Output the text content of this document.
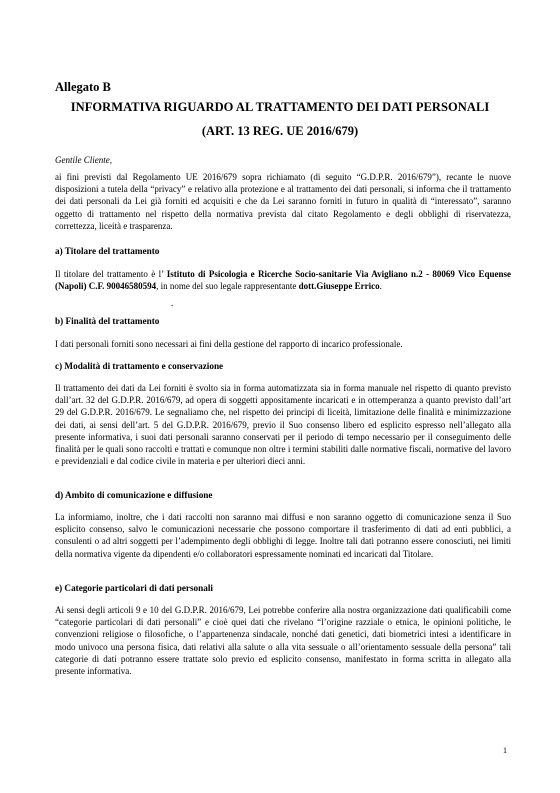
Allegato B
INFORMATIVA RIGUARDO AL TRATTAMENTO DEI DATI PERSONALI
(ART. 13 REG. UE 2016/679)
Gentile Cliente,
ai fini previsti dal Regolamento UE 2016/679 sopra richiamato (di seguito “G.D.P.R. 2016/679”), recante le nuove disposizioni a tutela della “privacy” e relativo alla protezione e al trattamento dei dati personali, si informa che il trattamento dei dati personali da Lei già forniti ed acquisiti e che da Lei saranno forniti in futuro in qualità di “interessato”, saranno oggetto di trattamento nel rispetto della normativa prevista dal citato Regolamento e degli obblighi di riservatezza, correttezza, liceità e trasparenza.
a) Titolare del trattamento
Il titolare del trattamento è l’ Istituto di Psicologia e Ricerche Socio-sanitarie Via Avigliano n.2 - 80069 Vico Equense (Napoli) C.F. 90046580594, in nome del suo legale rappresentante dott.Giuseppe Errico.
.
b) Finalità del trattamento
I dati personali forniti sono necessari ai fini della gestione del rapporto di incarico professionale.
c) Modalità di trattamento e conservazione
Il trattamento dei dati da Lei forniti è svolto sia in forma automatizzata sia in forma manuale nel rispetto di quanto previsto dall’art. 32 del G.D.P.R. 2016/679, ad opera di soggetti appositamente incaricati e in ottemperanza a quanto previsto dall’art 29 del G.D.P.R. 2016/679. Le segnaliamo che, nel rispetto dei principi di liceità, limitazione delle finalità e minimizzazione dei dati, ai sensi dell’art. 5 del G.D.P.R. 2016/679, previo il Suo consenso libero ed esplicito espresso nell’allegato alla presente informativa, i suoi dati personali saranno conservati per il periodo di tempo necessario per il conseguimento delle finalità per le quali sono raccolti e trattati e comunque non oltre i termini stabiliti dalle normative fiscali, normative del lavoro e previdenziali e dal codice civile in materia e per ulteriori dieci anni.
d) Ambito di comunicazione e diffusione
La informiamo, inoltre, che i dati raccolti non saranno mai diffusi e non saranno oggetto di comunicazione senza il Suo esplicito consenso, salvo le comunicazioni necessarie che possono comportare il trasferimento di dati ad enti pubblici, a consulenti o ad altri soggetti per l’adempimento degli obblighi di legge. Inoltre tali dati potranno essere conosciuti, nei limiti della normativa vigente da dipendenti e/o collaboratori espressamente nominati ed incaricati dal Titolare.
e) Categorie particolari di dati personali
Ai sensi degli articoli 9 e 10 del G.D.P.R. 2016/679, Lei potrebbe conferire alla nostra organizzazione dati qualificabili come “categorie particolari di dati personali” e cioè quei dati che rivelano “l’origine razziale o etnica, le opinioni politiche, le convenzioni religiose o filosofiche, o l’appartenenza sindacale, nonché dati genetici, dati biometrici intesi a identificare in modo univoco una persona fisica, dati relativi alla salute o alla vita sessuale o all’orientamento sessuale della persona” tali categorie di dati potranno essere trattate solo previo ed esplicito consenso, manifestato in forma scritta in allegato alla presente informativa.
1
